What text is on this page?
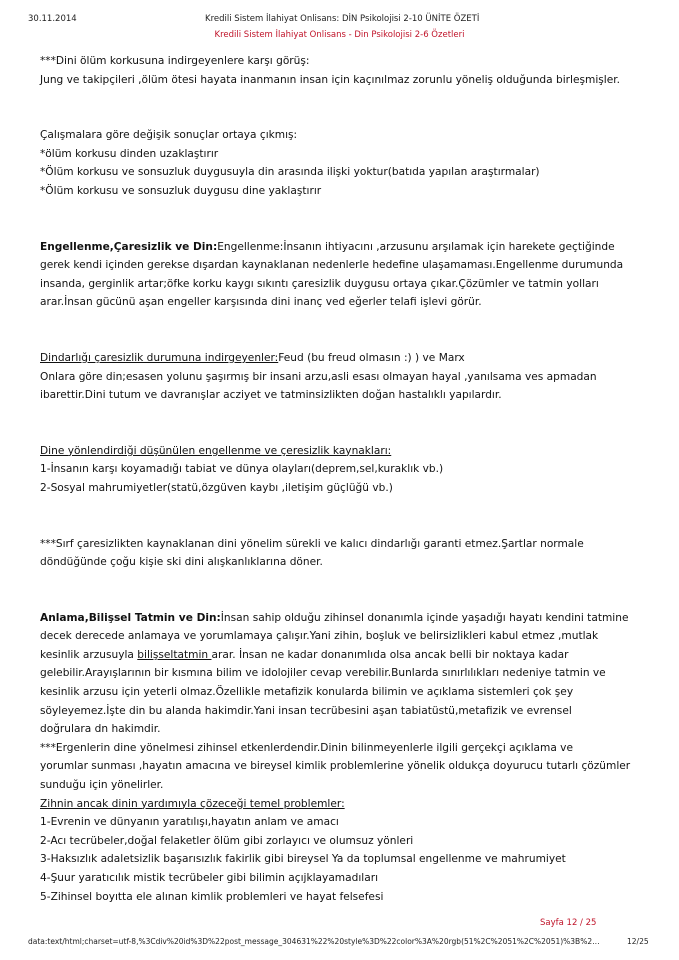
30.11.2014	Kredili Sistem İlahiyat Onlisans: DİN Psikolojisi 2-10 ÜNİTE ÖZETİ
Kredili Sistem İlahiyat Onlisans - Din Psikolojisi 2-6 Özetleri

***Dini ölüm korkusuna indirgeyenlere karşı görüş:

Jung ve takipçileri ,ölüm ötesi hayata inanmanın insan için kaçınılmaz zorunlu yöneliş olduğunda birleşmişler.

Çalışmalara göre değişik sonuçlar ortaya çıkmış:

*ölüm korkusu dinden uzaklaştırır

*Ölüm korkusu ve sonsuzluk duygusuyla din arasında ilişki yoktur(batıda yapılan araştırmalar)

*Ölüm korkusu ve sonsuzluk duygusu dine yaklaştırır

Engellenme,Çaresizlik ve Din:Engellenme:İnsanın ihtiyacını ,arzusunu arşılamak için harekete geçtiğinde

gerek kendi içinden gerekse dışardan kaynaklanan nedenlerle hedefine ulaşamaması.Engellenme durumunda

insanda, gerginlik artar;öfke korku kaygı sıkıntı çaresizlik duygusu ortaya çıkar.Çözümler ve tatmin yolları

arar.İnsan gücünü aşan engeller karşısında dini inanç ved eğerler telafi işlevi görür.

Dindarlığı çaresizlik durumuna indirgeyenler:Feud (bu freud olmasın :) ) ve Marx

Onlara göre din;esasen yolunu şaşırmış bir insani arzu,asli esası olmayan hayal ,yanılsama ves apmadan

ibarettir.Dini tutum ve davranışlar acziyet ve tatminsizlikten doğan hastalıklı yapılardır.

Dine yönlendirdiği düşünülen engellenme ve çeresizlik kaynakları:

1-İnsanın karşı koyamadığı tabiat ve dünya olayları(deprem,sel,kuraklık vb.)

2-Sosyal mahrumiyetler(statü,özgüven kaybı ,iletişim güçlüğü vb.)

***Sırf çaresizlikten kaynaklanan dini yönelim sürekli ve kalıcı dindarlığı garanti etmez.Şartlar normale

döndüğünde çoğu kişie ski dini alışkanlıklarına döner.

Anlama,Bilişsel Tatmin ve Din:İnsan sahip olduğu zihinsel donanımla içinde yaşadığı hayatı kendini tatmine

decek derecede anlamaya ve yorumlamaya çalışır.Yani zihin, boşluk ve belirsizlikleri kabul etmez ,mutlak

kesinlik arzusuyla bilişseltatmin arar. İnsan ne kadar donanımlıda olsa ancak belli bir noktaya kadar

gelebilir.Arayışlarının bir kısmına bilim ve idolojiler cevap verebilir.Bunlarda sınırlılıkları nedeniye tatmin ve

kesinlik arzusu için yeterli olmaz.Özellikle metafizik konularda bilimin ve açıklama sistemleri çok şey

söyleyemez.İşte din bu alanda hakimdir.Yani insan tecrübesini aşan tabiatüstü,metafizik ve evrensel

doğrulara dn hakimdir.

***Ergenlerin dine yönelmesi zihinsel etkenlerdendir.Dinin bilinmeyenlerle ilgili gerçekçi açıklama ve

yorumlar sunması ,hayatın amacına ve bireysel kimlik problemlerine yönelik oldukça doyurucu tutarlı çözümler

sunduğu için yönelirler.

Zihnin ancak dinin yardımıyla çözeceği temel problemler:

1-Evrenin ve dünyanın yaratılışı,hayatın anlam ve amacı

2-Acı tecrübeler,doğal felaketler ölüm gibi zorlayıcı ve olumsuz yönleri

3-Haksızlık adaletsizlik başarısızlık fakirlik gibi bireysel Ya da toplumsal engellenme ve mahrumiyet

4-Şuur yaratıcılık mistik tecrübeler gibi bilimin açıjklayamadıları

5-Zihinsel boyıtta ele alınan kimlik problemleri ve hayat felsefesi

Sayfa 12 / 25
data:text/html;charset=utf-8,%3Cdiv%20id%3D%22post_message_304631%22%20style%3D%22color%3A%20rgb(51%2C%2051%2C%2051)%3B%2…	12/25
